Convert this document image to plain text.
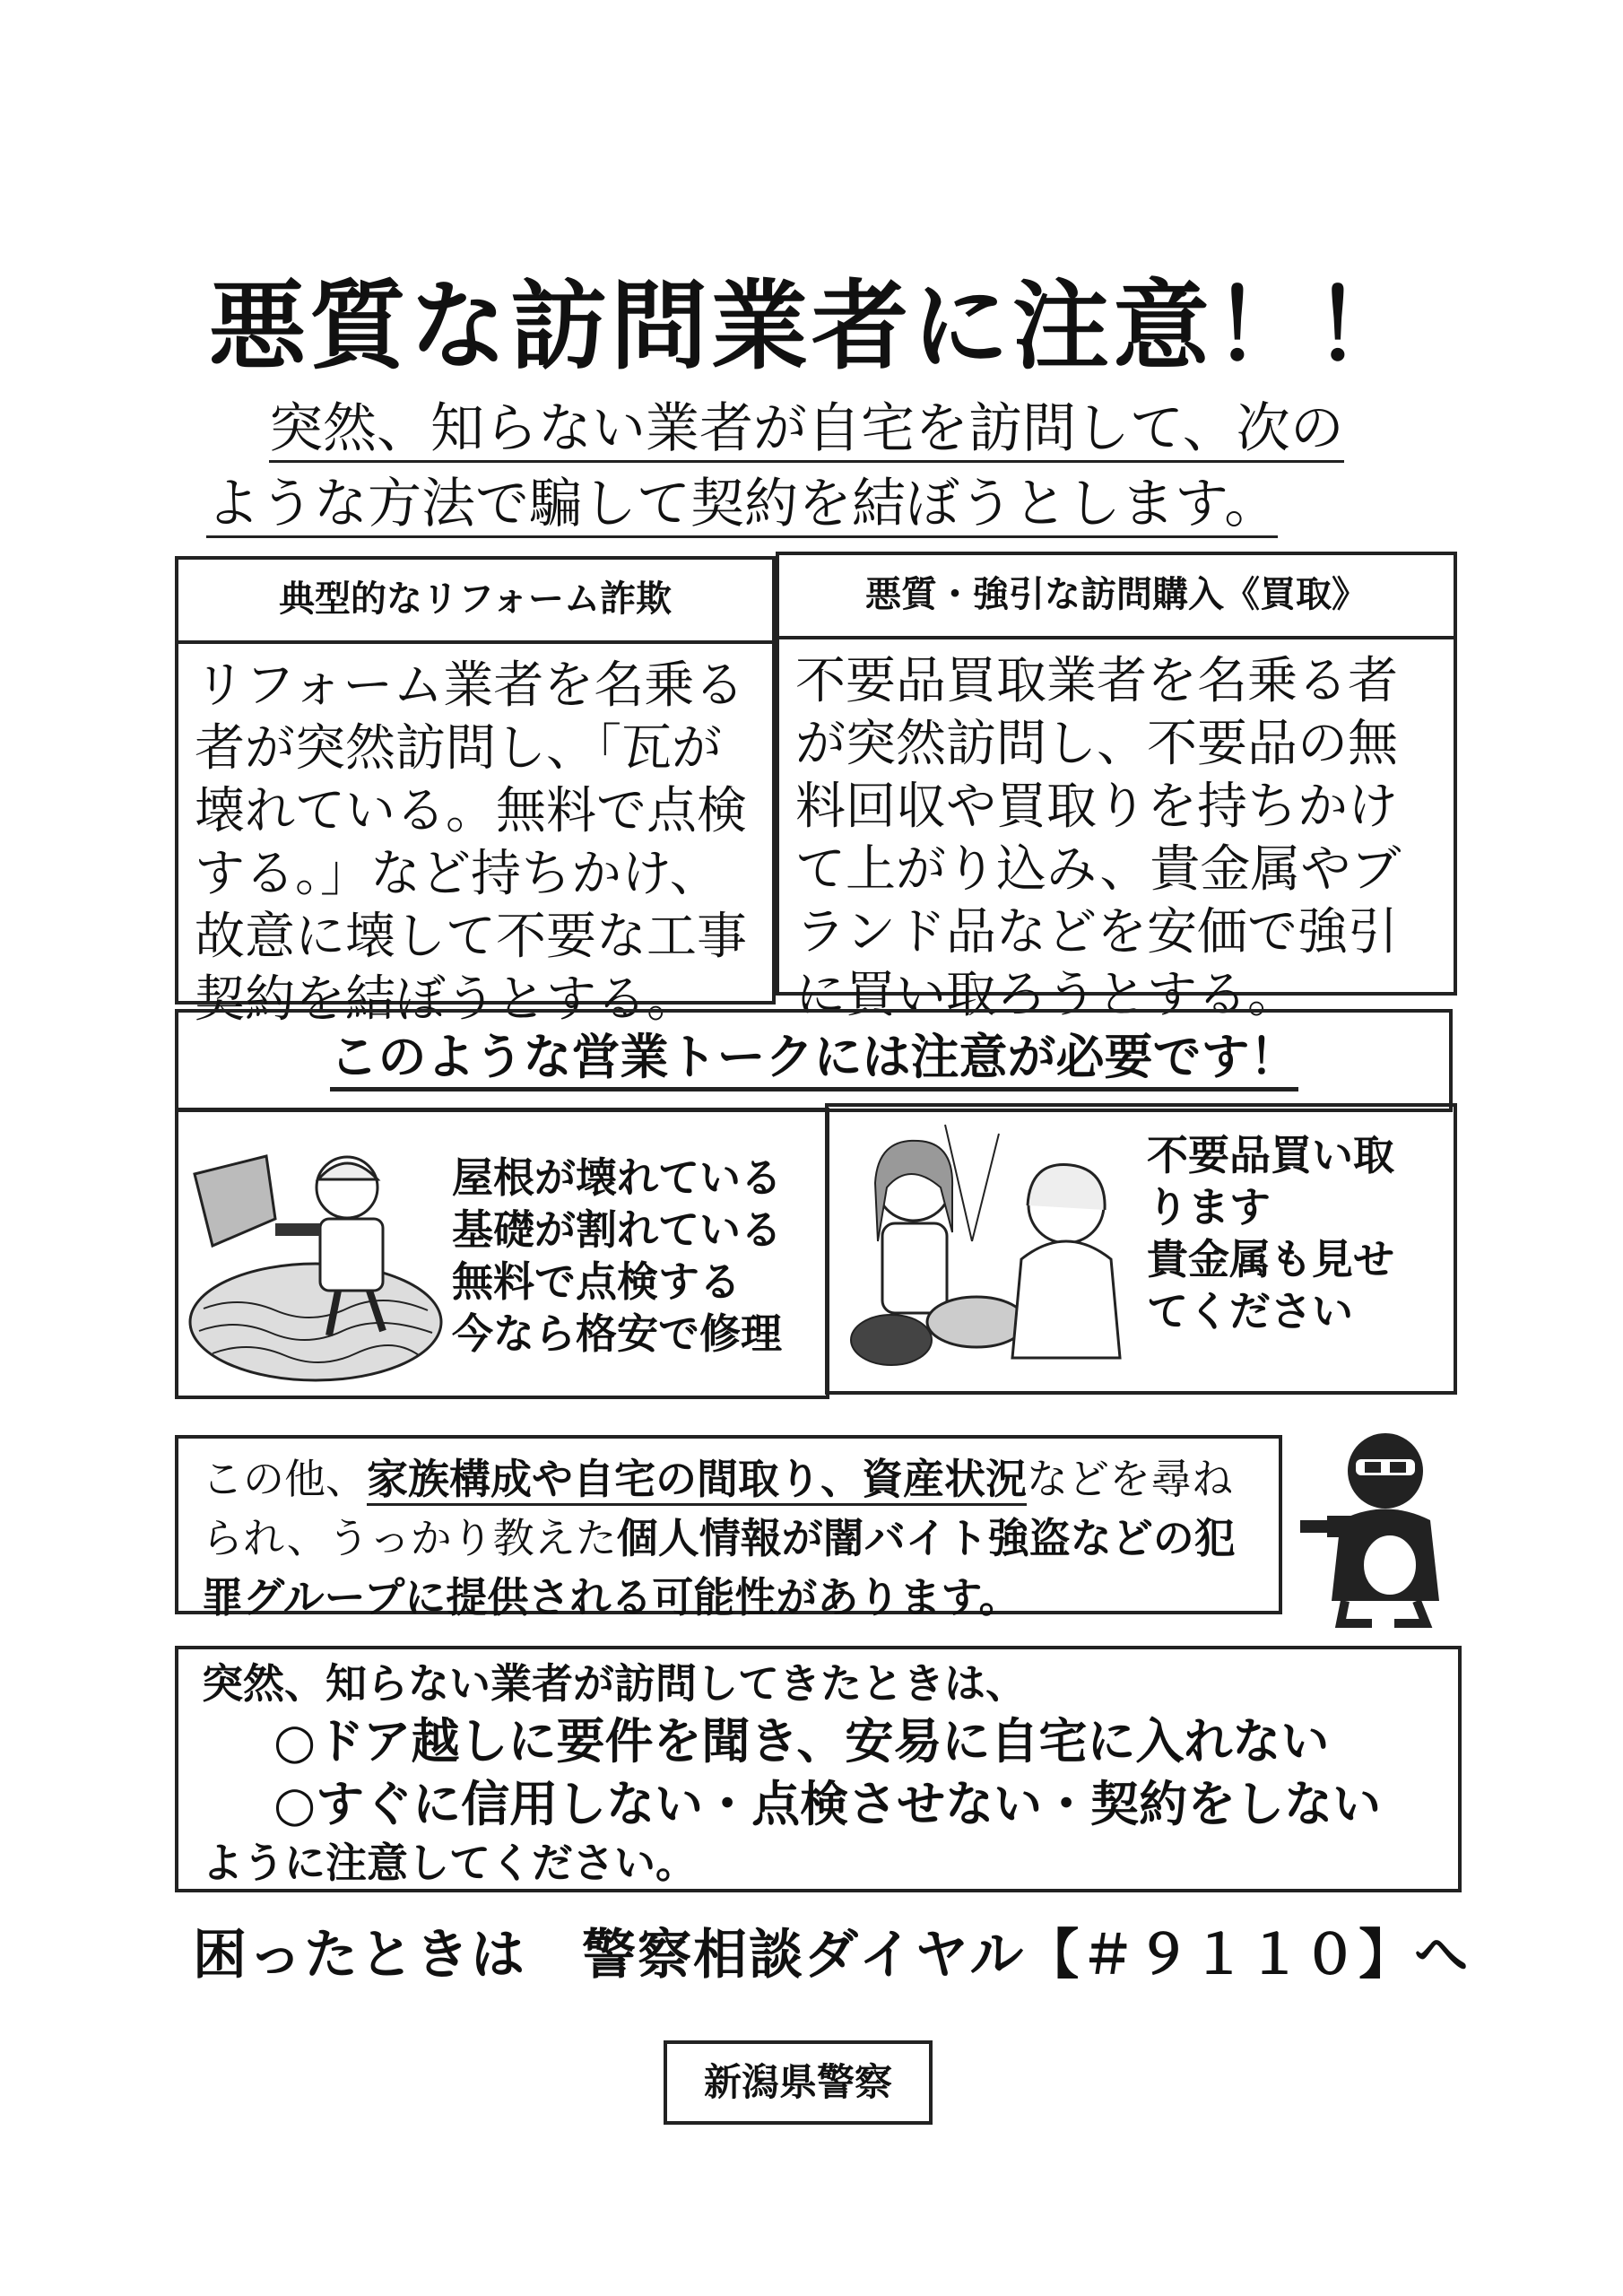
悪質な訪問業者に注意！！
突然、知らない業者が自宅を訪問して、次の
ような方法で騙して契約を結ぼうとします。
典型的なリフォーム詐欺
リフォーム業者を名乗る者が突然訪問し、「瓦が壊れている。無料で点検する。」など持ちかけ、故意に壊して不要な工事契約を結ぼうとする。
悪質・強引な訪問購入《買取》
不要品買取業者を名乗る者が突然訪問し、不要品の無料回収や買取りを持ちかけて上がり込み、貴金属やブランド品などを安価で強引に買い取ろうとする。
このような営業トークには注意が必要です！
屋根が壊れている
基礎が割れている
無料で点検する
今なら格安で修理
不要品買い取
ります
貴金属も見せ
てください
この他、家族構成や自宅の間取り、資産状況などを尋ねられ、うっかり教えた個人情報が闇バイト強盗などの犯罪グループに提供される可能性があります。
突然、知らない業者が訪問してきたときは、
○ドア越しに要件を聞き、安易に自宅に入れない
○すぐに信用しない・点検させない・契約をしない
ように注意してください。
困ったときは　警察相談ダイヤル【＃９１１０】へ
新潟県警察
